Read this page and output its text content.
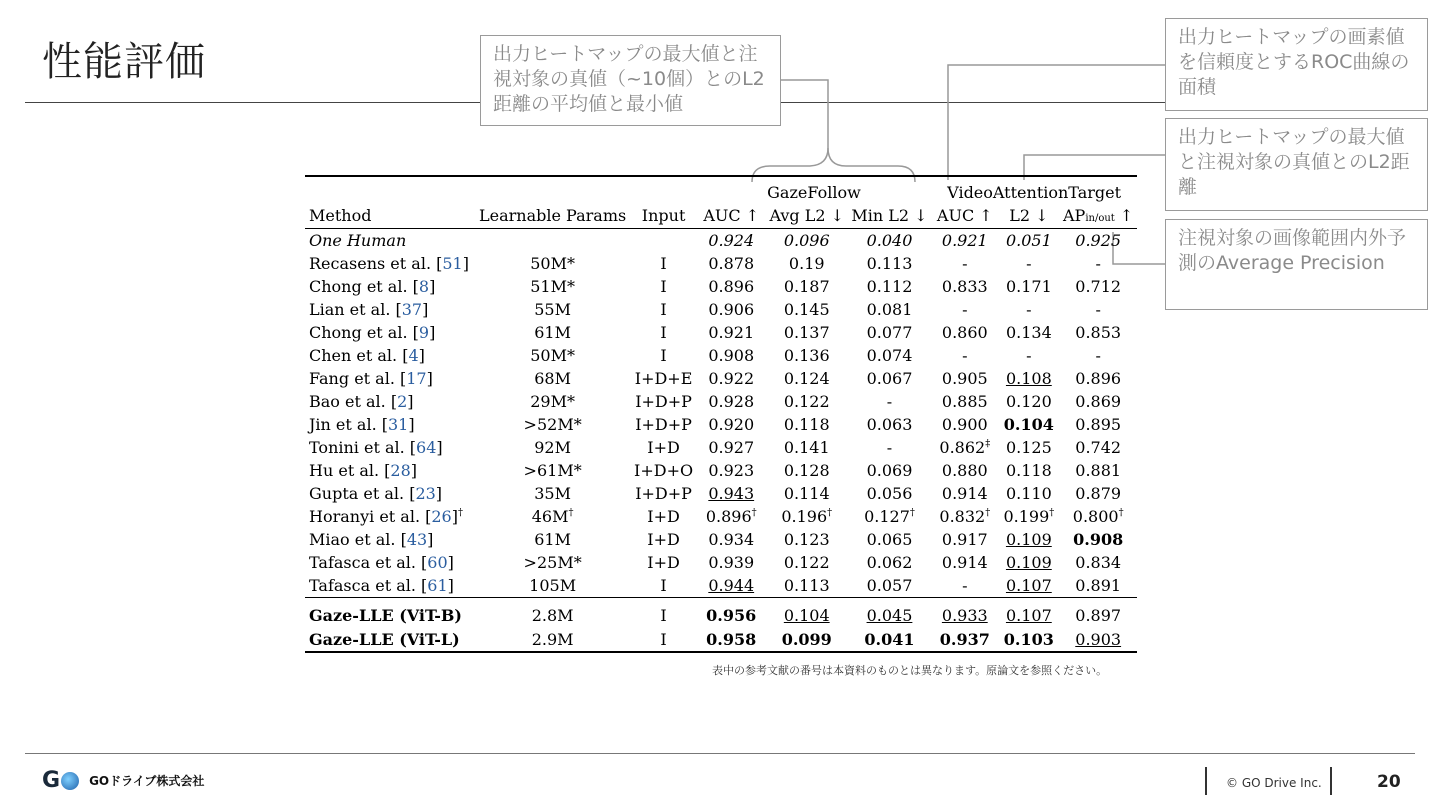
性能評価	出力ヒートマップの最大値と注視対象の真値（~10個）とのL2距離の平均値と最小値
出力ヒートマップの画素値を信頼度とするROC曲線の面積
出力ヒートマップの最大値と注視対象の真値とのL2距離
注視対象の画像範囲内外予測のAverage Precision
			GazeFollow			VideoAttentionTarget		
Method	Learnable Params	Input	AUC ↑	Avg L2 ↓	Min L2 ↓	AUC ↑	L2 ↓	APin/out ↑
One Human			0.924	0.096	0.040	0.921	0.051	0.925
Recasens et al. [51]	50M*	I	0.878	0.19	0.113	-	-	-
Chong et al. [8]	51M*	I	0.896	0.187	0.112	0.833	0.171	0.712
Lian et al. [37]	55M	I	0.906	0.145	0.081	-	-	-
Chong et al. [9]	61M	I	0.921	0.137	0.077	0.860	0.134	0.853
Chen et al. [4]	50M*	I	0.908	0.136	0.074	-	-	-
Fang et al. [17]	68M	I+D+E	0.922	0.124	0.067	0.905	0.108	0.896
Bao et al. [2]	29M*	I+D+P	0.928	0.122	-	0.885	0.120	0.869
Jin et al. [31]	>52M*	I+D+P	0.920	0.118	0.063	0.900	0.104	0.895
Tonini et al. [64]	92M	I+D	0.927	0.141	-	0.862‡	0.125	0.742
Hu et al. [28]	>61M*	I+D+O	0.923	0.128	0.069	0.880	0.118	0.881
Gupta et al. [23]	35M	I+D+P	0.943	0.114	0.056	0.914	0.110	0.879
Horanyi et al. [26]†	46M†	I+D	0.896†	0.196†	0.127†	0.832†	0.199†	0.800†
Miao et al. [43]	61M	I+D	0.934	0.123	0.065	0.917	0.109	0.908
Tafasca et al. [60]	>25M*	I+D	0.939	0.122	0.062	0.914	0.109	0.834
Tafasca et al. [61]	105M	I	0.944	0.113	0.057	-	0.107	0.891
Gaze-LLE (ViT-B)	2.8M	I	0.956	0.104	0.045	0.933	0.107	0.897
Gaze-LLE (ViT-L)	2.9M	I	0.958	0.099	0.041	0.937	0.103	0.903
表中の参考文献の番号は本資料のものとは異なります。原論文を参照ください。
G	GOドライブ株式会社	© GO Drive Inc.	20
